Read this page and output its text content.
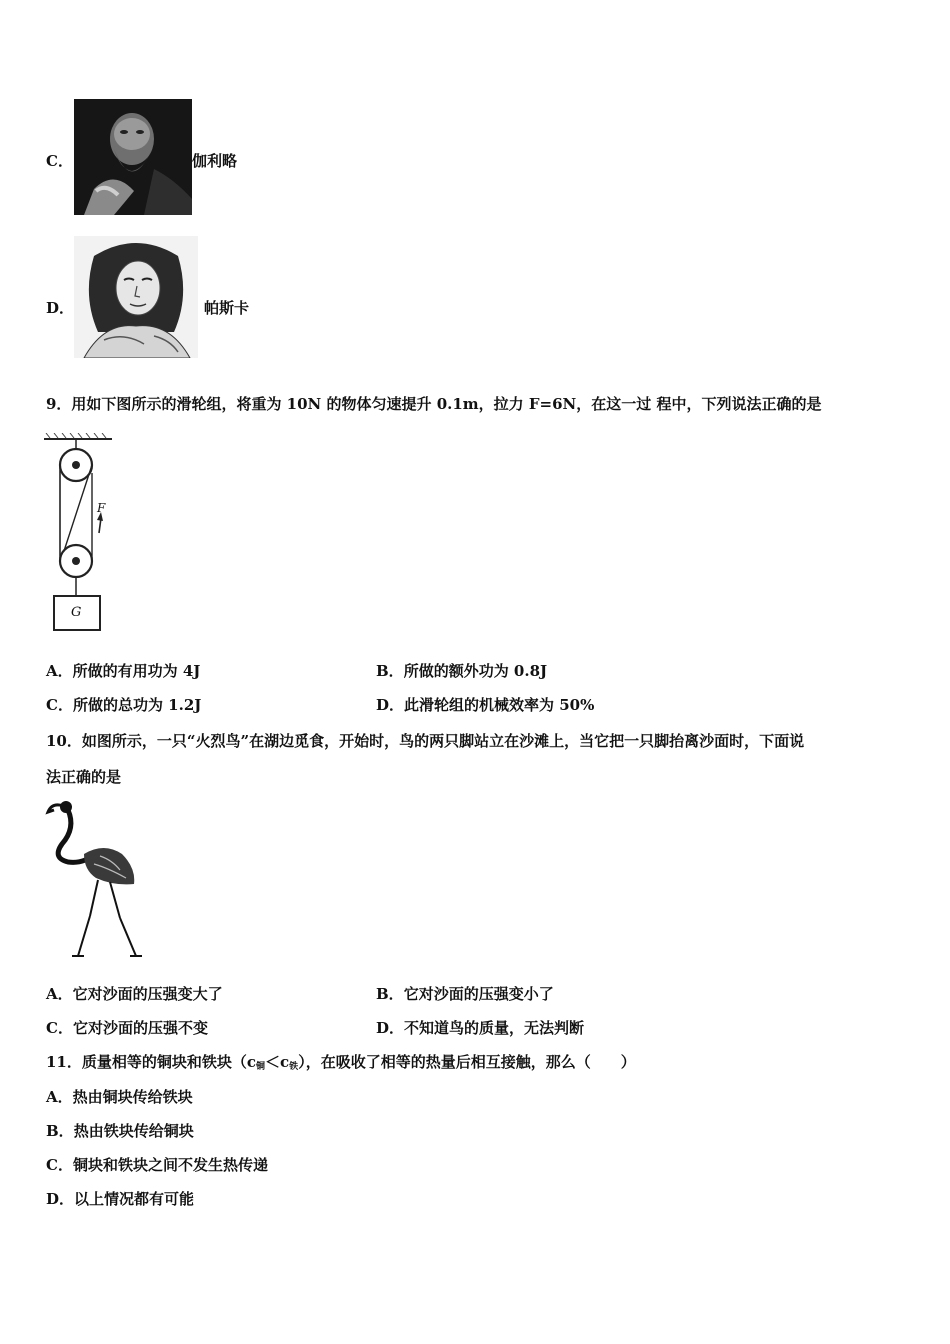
C．	伽利略
D．	帕斯卡
9．用如下图所示的滑轮组，将重为 10N 的物体匀速提升 0.1m，拉力 F=6N，在这一过 程中，下列说法正确的是
F
G
A．所做的有用功为 4J	B．所做的额外功为 0.8J
C．所做的总功为 1.2J	D．此滑轮组的机械效率为 50%
10．如图所示，一只“火烈鸟”在湖边觅食，开始时，鸟的两只脚站立在沙滩上，当它把一只脚抬离沙面时，下面说
法正确的是
A．它对沙面的压强变大了	B．它对沙面的压强变小了
C．它对沙面的压强不变	D．不知道鸟的质量，无法判断
11．质量相等的铜块和铁块$(c_铜<c_铁)$，在吸收了相等的热量后相互接触，那么（　　）
A．热由铜块传给铁块
B．热由铁块传给铜块
C．铜块和铁块之间不发生热传递
D．以上情况都有可能
